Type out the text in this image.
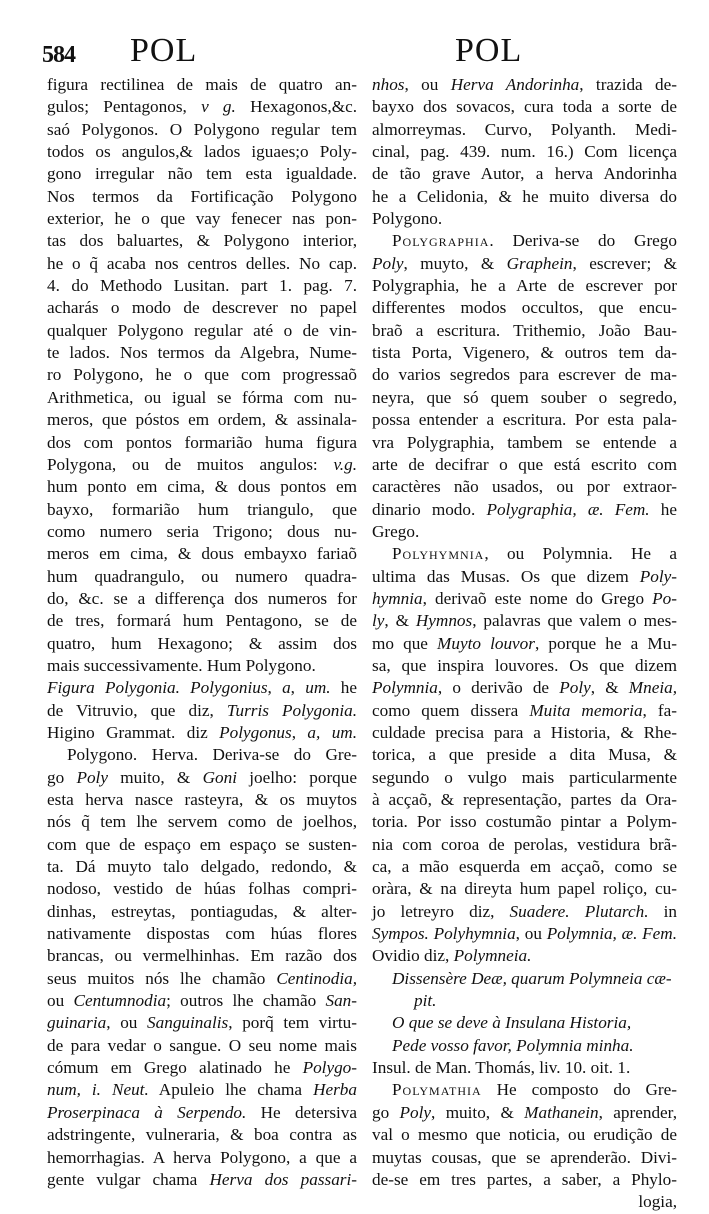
584 POL	POL
figura rectilinea de mais de quatro an-
gulos; Pentagonos, v g. Hexagonos,&c.
saó Polygonos. O Polygono regular tem
todos os angulos,& lados iguaes;o Poly-
gono irregular não tem esta igualdade.
Nos termos da Fortificação Polygono
exterior, he o que vay fenecer nas pon-
tas dos baluartes, & Polygono interior,
he o q̃ acaba nos centros delles. No cap.
4. do Methodo Lusitan. part 1. pag. 7.
acharás o modo de descrever no papel
qualquer Polygono regular até o de vin-
te lados. Nos termos da Algebra, Nume-
ro Polygono, he o que com progressaõ
Arithmetica, ou igual se fórma com nu-
meros, que póstos em ordem, & assinala-
dos com pontos formarião huma figura
Polygona, ou de muitos angulos: v.g.
hum ponto em cima, & dous pontos em
bayxo, formarião hum triangulo, que
como numero seria Trigono; dous nu-
meros em cima, & dous embayxo fariaõ
hum quadrangulo, ou numero quadra-
do, &c. se a differença dos numeros for
de tres, formará hum Pentagono, se de
quatro, hum Hexagono; & assim dos
mais successivamente. Hum Polygono.
Figura Polygonia. Polygonius, a, um. he
de Vitruvio, que diz, Turris Polygonia.
Higino Grammat. diz Polygonus, a, um.
Polygono. Herva. Deriva-se do Gre-
go Poly muito, & Goni joelho: porque
esta herva nasce rasteyra, & os muytos
nós q̃ tem lhe servem como de joelhos,
com que de espaço em espaço se susten-
ta. Dá muyto talo delgado, redondo, &
nodoso, vestido de húas folhas compri-
dinhas, estreytas, pontiagudas, & alter-
nativamente dispostas com húas flores
brancas, ou vermelhinhas. Em razão dos
seus muitos nós lhe chamão Centinodia,
ou Centumnodia; outros lhe chamão San-
guinaria, ou Sanguinalis, porq̃ tem virtu-
de para vedar o sangue. O seu nome mais
cómum em Grego alatinado he Polygo-
num, i. Neut. Apuleio lhe chama Herba
Proserpinaca à Serpendo. He detersiva
adstringente, vulneraria, & boa contra as
hemorrhagias. A herva Polygono, a que a
gente vulgar chama Herva dos passari-
nhos, ou Herva Andorinha, trazida de-
bayxo dos sovacos, cura toda a sorte de
almorreymas. Curvo, Polyanth. Medi-
cinal, pag. 439. num. 16.) Com licença
de tão grave Autor, a herva Andorinha
he a Celidonia, & he muito diversa do
Polygono.
Polygraphia. Deriva-se do Grego
Poly, muyto, & Graphein, escrever; &
Polygraphia, he a Arte de escrever por
differentes modos occultos, que encu-
braõ a escritura. Trithemio, João Bau-
tista Porta, Vigenero, & outros tem da-
do varios segredos para escrever de ma-
neyra, que só quem souber o segredo,
possa entender a escritura. Por esta pala-
vra Polygraphia, tambem se entende a
arte de decifrar o que está escrito com
caractères não usados, ou por extraor-
dinario modo. Polygraphia, æ. Fem. he
Grego.
Polyhymnia, ou Polymnia. He a
ultima das Musas. Os que dizem Poly-
hymnia, derivaõ este nome do Grego Po-
ly, & Hymnos, palavras que valem o mes-
mo que Muyto louvor, porque he a Mu-
sa, que inspira louvores. Os que dizem
Polymnia, o derivão de Poly, & Mneia,
como quem dissera Muita memoria, fa-
culdade precisa para a Historia, & Rhe-
torica, a que preside a dita Musa, &
segundo o vulgo mais particularmente
à acçaõ, & representação, partes da Ora-
toria. Por isso costumão pintar a Polym-
nia com coroa de perolas, vestidura brã-
ca, a mão esquerda em acçaõ, como se
oràra, & na direyta hum papel roliço, cu-
jo letreyro diz, Suadere. Plutarch. in
Sympos. Polyhymnia, ou Polymnia, æ. Fem.
Ovidio diz, Polymneia.
Dissensère Deæ, quarum Polymneia cæ-
pit.
O que se deve à Insulana Historia,
Pede vosso favor, Polymnia minha.
Insul. de Man. Thomás, liv. 10. oit. 1.
Polymathia He composto do Gre-
go Poly, muito, & Mathanein, aprender,
val o mesmo que noticia, ou erudição de
muytas cousas, que se aprenderão. Divi-
de-se em tres partes, a saber, a Phylo-
logia,
